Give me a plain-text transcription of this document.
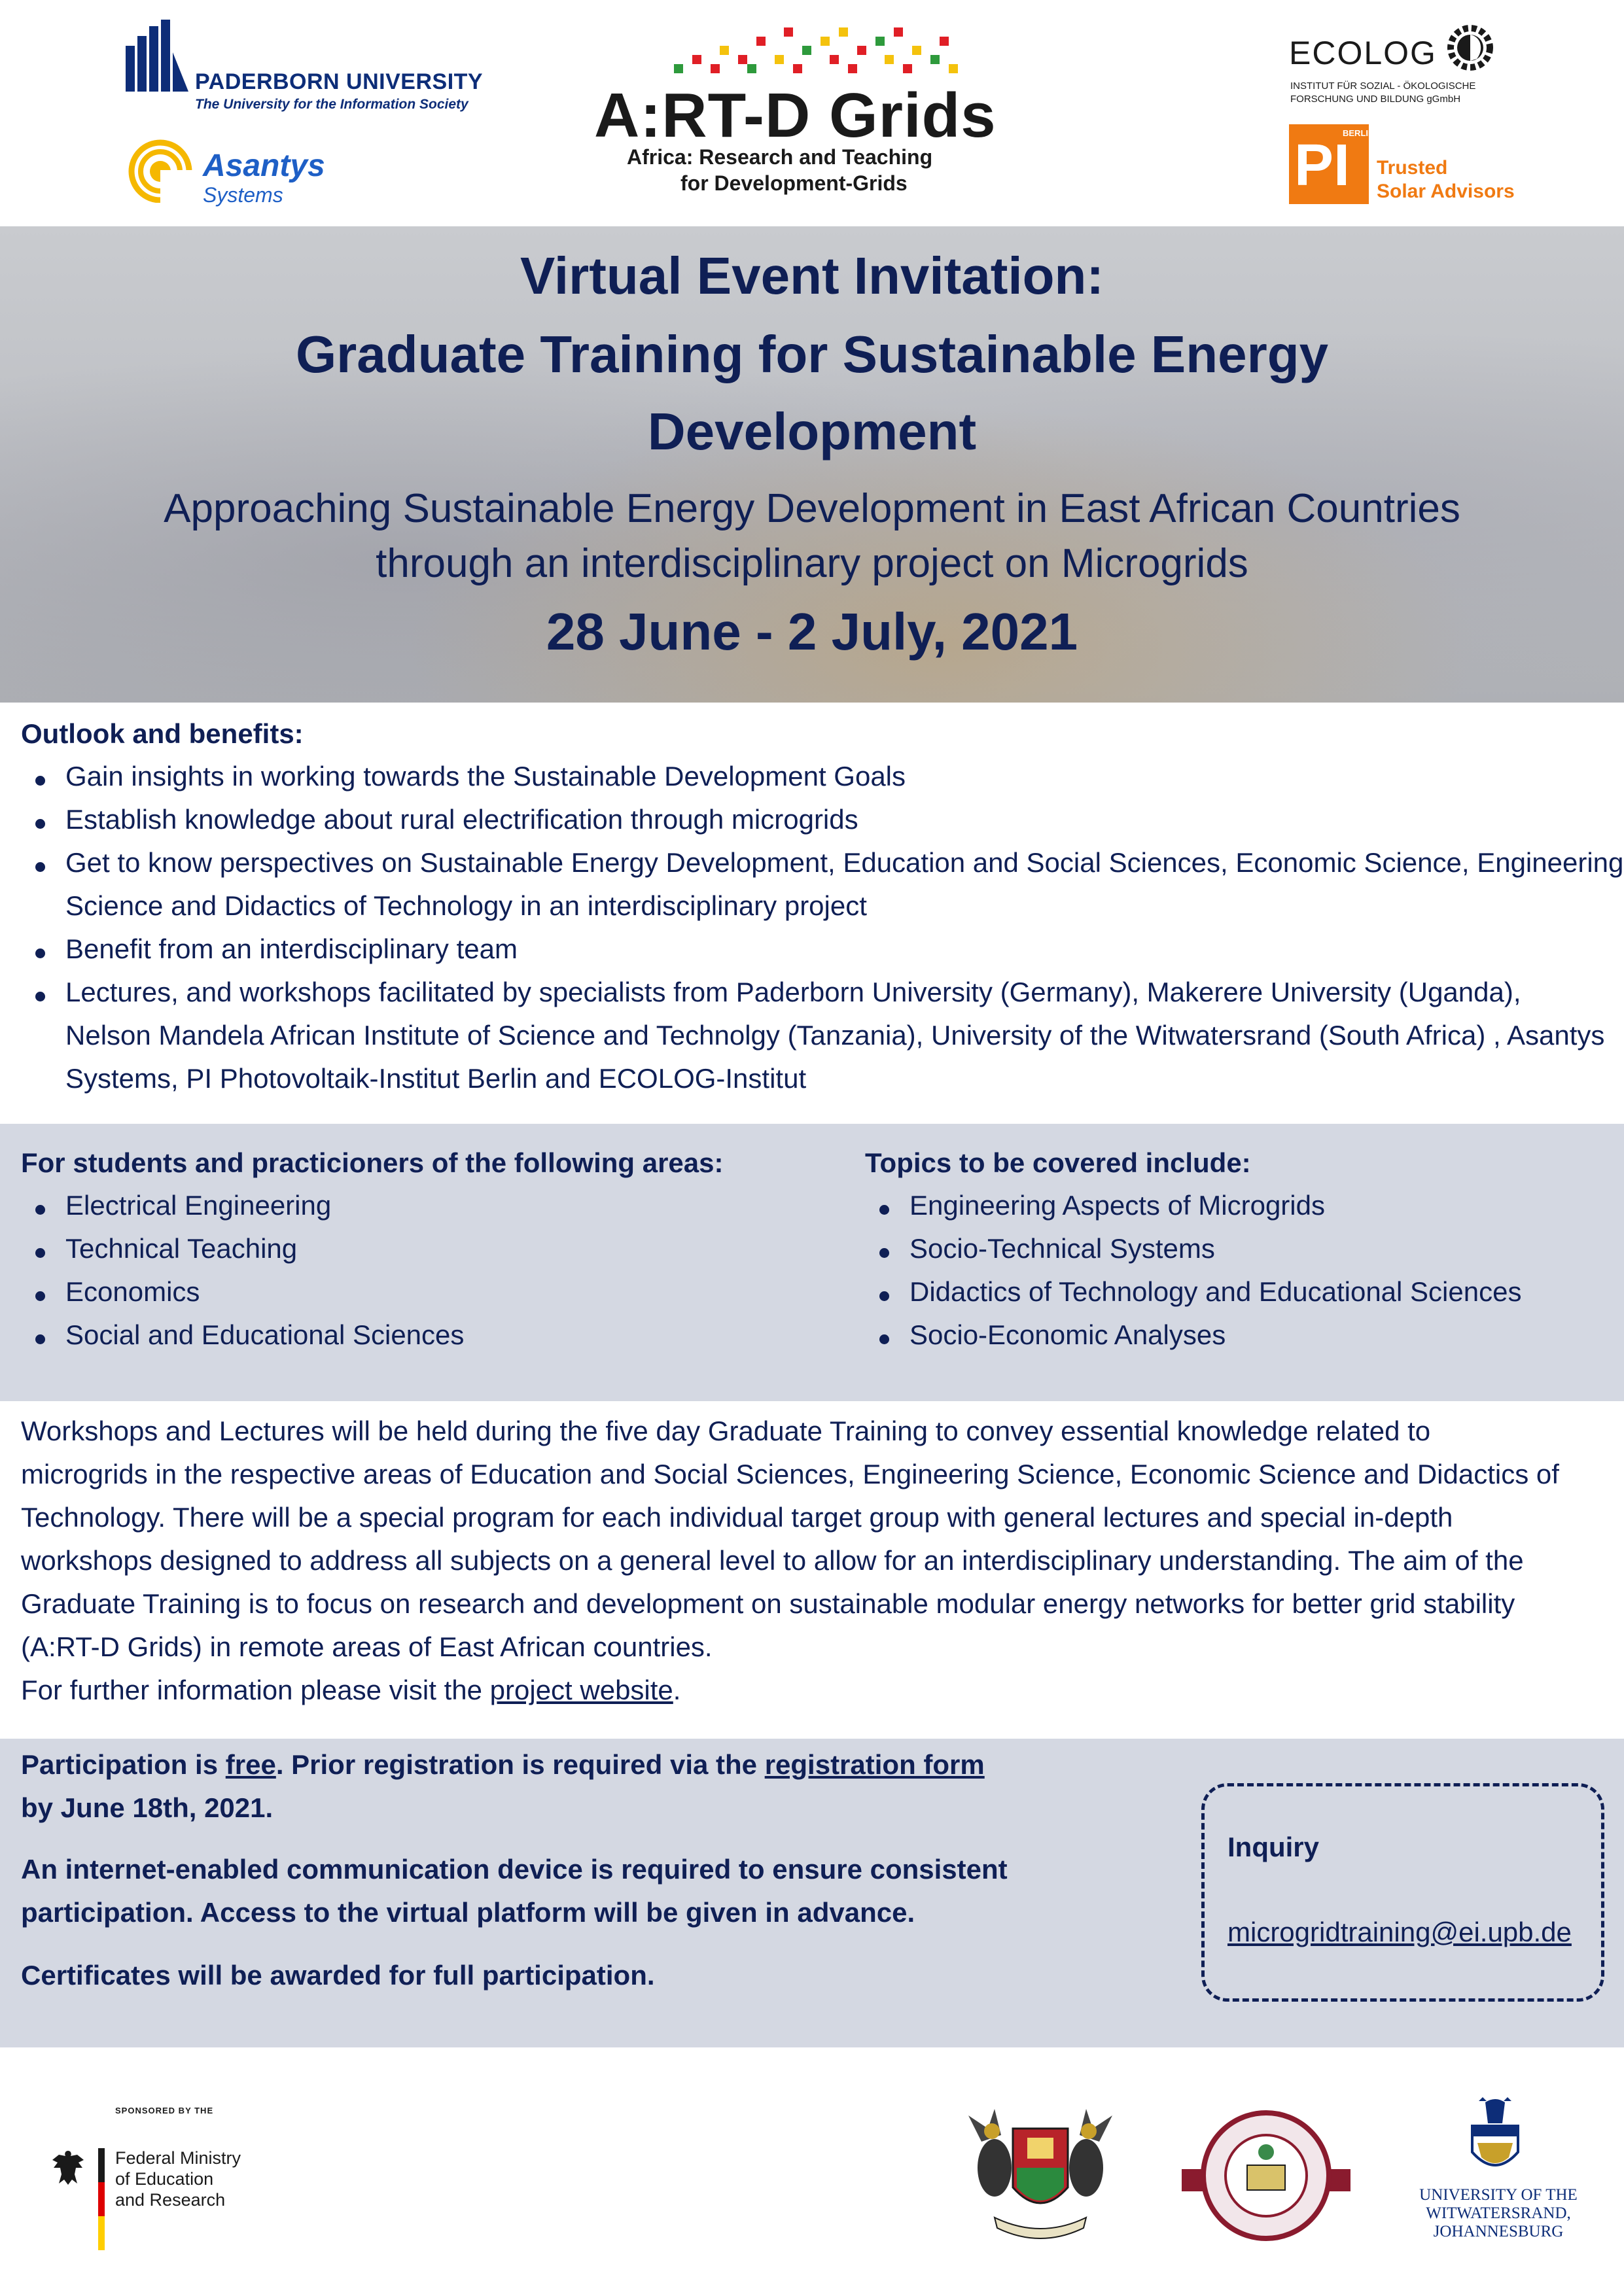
PADERBORN UNIVERSITY
The University for the Information Society
Asantys
Systems
A:RT-D Grids
Africa: Research and Teaching
for Development-Grids
ECOLOG
INSTITUT FÜR SOZIAL - ÖKOLOGISCHE
FORSCHUNG UND BILDUNG gGmbH
BERLIN
PI Trusted
Solar Advisors
Virtual Event Invitation:
Graduate Training for Sustainable Energy
Development
Approaching Sustainable Energy Development in East African Countries
through an interdisciplinary project on Microgrids
28 June - 2 July, 2021
Outlook and benefits:
Gain insights in working towards the Sustainable Development Goals
Establish knowledge about rural electrification through microgrids
Get to know perspectives on Sustainable Energy Development, Education and Social Sciences, Economic Science, Engineering
Science and Didactics of Technology in an interdisciplinary project
Benefit from an interdisciplinary team
Lectures, and workshops facilitated by specialists from Paderborn University (Germany), Makerere University (Uganda),
Nelson Mandela African Institute of Science and Technolgy (Tanzania), University of the Witwatersrand (South Africa) , Asantys
Systems, PI Photovoltaik-Institut Berlin and ECOLOG-Institut
For students and practicioners of the following areas:
Electrical Engineering
Technical Teaching
Economics
Social and Educational Sciences
Topics to be covered include:
Engineering Aspects of Microgrids
Socio-Technical Systems
Didactics of Technology and Educational Sciences
Socio-Economic Analyses
Workshops and Lectures will be held during the five day Graduate Training to convey essential knowledge related to
microgrids in the respective areas of Education and Social Sciences, Engineering Science, Economic Science and Didactics of
Technology. There will be a special program for each individual target group with general lectures and special in-depth
workshops designed to address all subjects on a general level to allow for an interdisciplinary understanding. The aim of the
Graduate Training is to focus on research and development on sustainable modular energy networks for better grid stability
(A:RT-D Grids) in remote areas of East African countries.
For further information please visit the project website.
Participation is free. Prior registration is required via the registration form
by June 18th, 2021.
An internet-enabled communication device is required to ensure consistent
participation. Access to the virtual platform will be given in advance.
Certificates will be awarded for full participation.
Inquiry
microgridtraining@ei.upb.de
SPONSORED BY THE
Federal Ministry
of Education
and Research	UNIVERSITY OF THE
WITWATERSRAND,
JOHANNESBURG
